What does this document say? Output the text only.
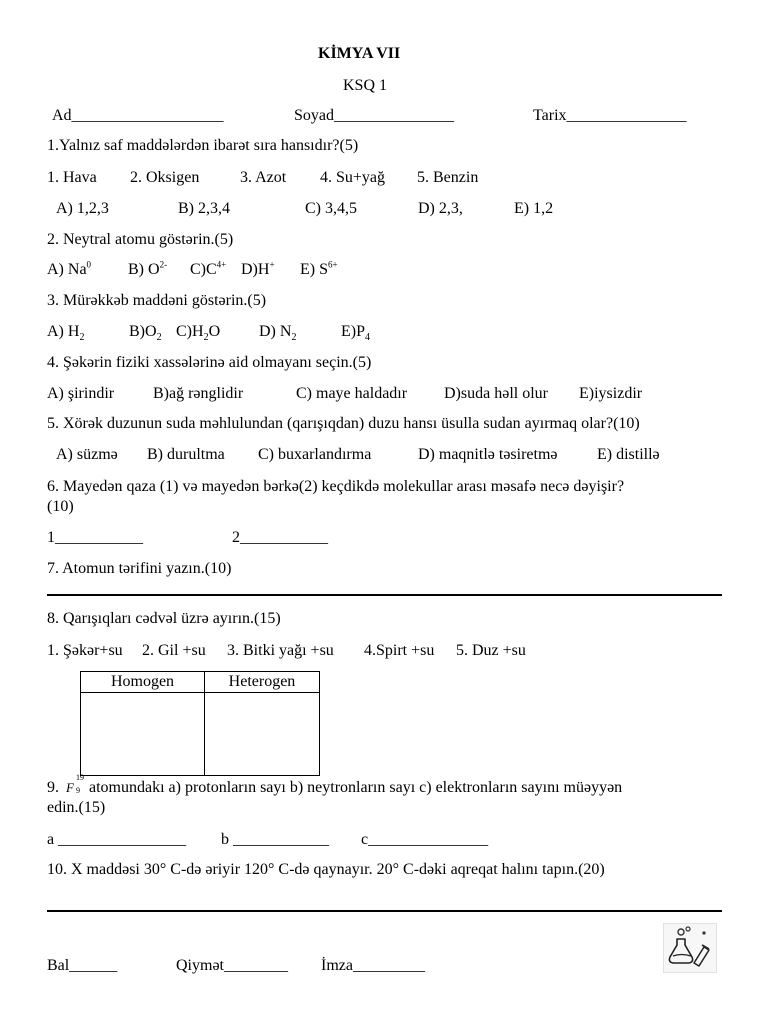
KİMYA VII
KSQ 1
Ad___________________	Soyad_______________	Tarix_______________
1.Yalnız saf maddələrdən ibarət sıra hansıdır?(5)
1. Hava 2. Oksigen	3. Azot 4. Su+yağ 5. Benzin
A) 1,2,3	B) 2,3,4	C) 3,4,5	D) 2,3,	E) 1,2
2. Neytral atomu göstərin.(5)
A) Na$^0$ B) $O^{2-}$ $C)C^{4+}$ D)H+ E) $S^{6+}$
3. Mürəkkəb maddəni göstərin.(5)
A) $H_2$	$B)O_2$ $C)H_2O$ D) $N_2$	$E)P_4$
4. Şəkərin fiziki xassələrinə aid olmayanı seçin.(5)
A) şirindir B)ağ rənglidir	C) maye haldadır D)suda həll olur E)iysizdir
5. Xörək duzunun suda məhlulundan (qarışıqdan) duzu hansı üsulla sudan ayırmaq olar?(10)
A) süzmə B) durultma C) buxarlandırma	D) maqnitlə təsiretmə E) distillə
6. Mayedən qaza (1) və mayedən bərkə(2) keçdikdə molekullar arası məsafə necə dəyişir?
(10)
1___________	2___________
7. Atomun tərifini yazın.(10)
8. Qarışıqları cədvəl üzrə ayırın.(15)
1. Şəkər+su 2. Gil +su 3. Bitki yağı +su 4.Spirt +su 5. Duz +su
Homogen	Heterogen

9.
19
F 9 atomundakı a) protonların sayı b) neytronların sayı c) elektronların sayını müəyyən
edin.(15)
a ________________ b ____________ c_______________
10. X maddəsi 30° C-də əriyir 120° C-də qaynayır. 20° C-dəki aqreqat halını tapın.(20)
Bal______	Qiymət________ İmza_________
